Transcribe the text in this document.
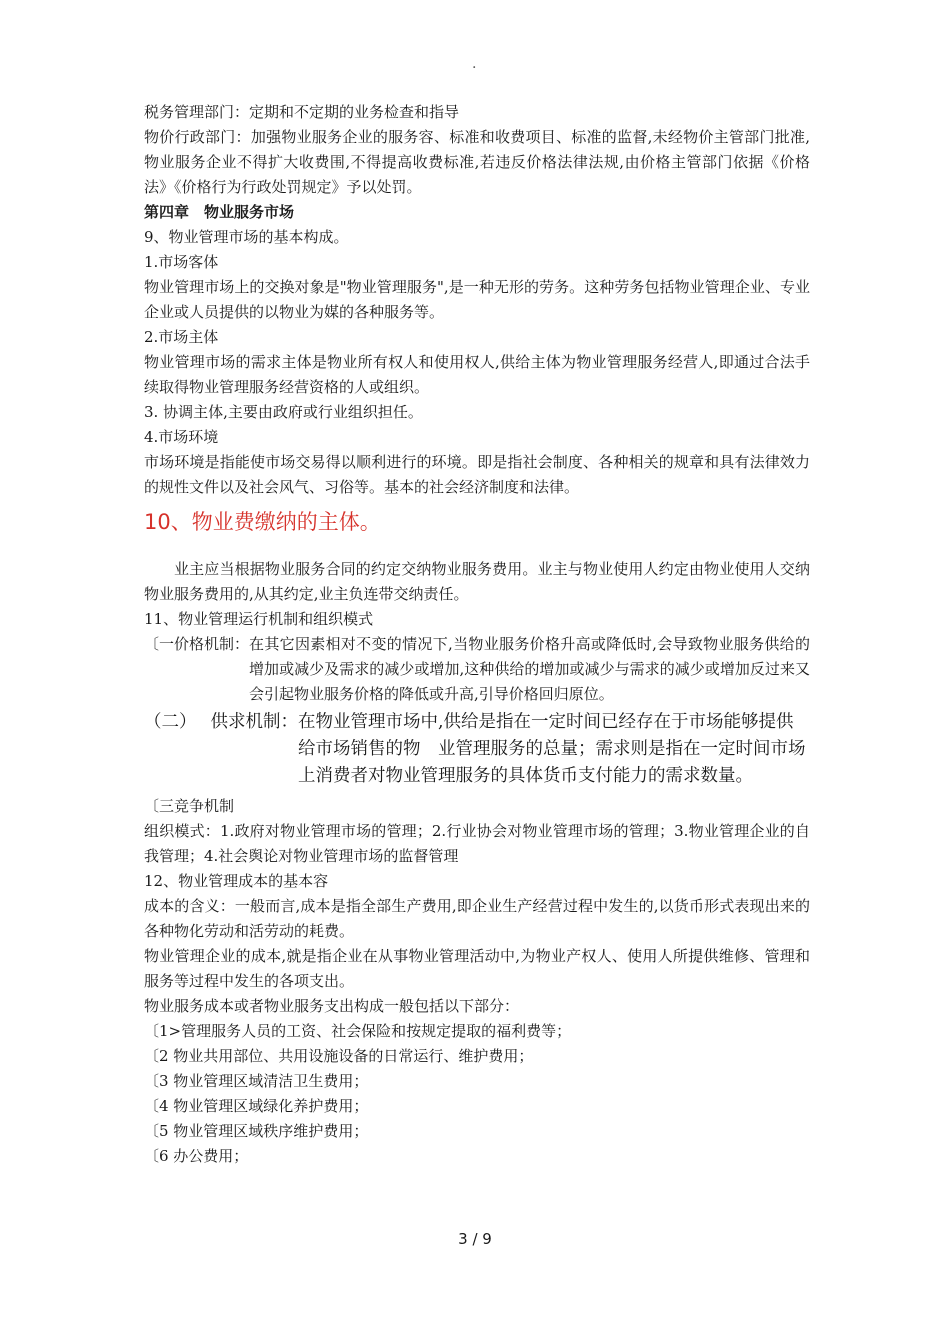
.

税务管理部门：定期和不定期的业务检查和指导

物价行政部门：加强物业服务企业的服务容、标准和收费项目、标准的监督,未经物价主管部门批准,物业服务企业不得扩大收费围,不得提高收费标准,若违反价格法律法规,由价格主管部门依据《价格法》《价格行为行政处罚规定》予以处罚。

第四章　物业服务市场

9、物业管理市场的基本构成。

1.市场客体

物业管理市场上的交换对象是"物业管理服务",是一种无形的劳务。这种劳务包括物业管理企业、专业企业或人员提供的以物业为媒的各种服务等。

2.市场主体

物业管理市场的需求主体是物业所有权人和使用权人,供给主体为物业管理服务经营人,即通过合法手续取得物业管理服务经营资格的人或组织。

3. 协调主体,主要由政府或行业组织担任。

4.市场环境

市场环境是指能使市场交易得以顺利进行的环境。即是指社会制度、各种相关的规章和具有法律效力的规性文件以及社会风气、习俗等。基本的社会经济制度和法律。

10、物业费缴纳的主体。

业主应当根据物业服务合同的约定交纳物业服务费用。业主与物业使用人约定由物业使用人交纳物业服务费用的,从其约定,业主负连带交纳责任。

11、物业管理运行机制和组织模式

〔一价格机制： 在其它因素相对不变的情况下,当物业服务价格升高或降低时,会导致物业服务供给的增加或减少及需求的减少或增加,这种供给的增加或减少与需求的减少或增加反过来又会引起物业服务价格的降低或升高,引导价格回归原位。
（二） 供求机制： 在物业管理市场中,供给是指在一定时间已经存在于市场能够提供给市场销售的物　业管理服务的总量；需求则是指在一定时间市场上消费者对物业管理服务的具体货币支付能力的需求数量。

〔三竞争机制

组织模式：1.政府对物业管理市场的管理；2.行业协会对物业管理市场的管理；3.物业管理企业的自我管理；4.社会舆论对物业管理市场的监督管理

12、物业管理成本的基本容

成本的含义：一般而言,成本是指全部生产费用,即企业生产经营过程中发生的,以货币形式表现出来的各种物化劳动和活劳动的耗费。

物业管理企业的成本,就是指企业在从事物业管理活动中,为物业产权人、使用人所提供维修、管理和服务等过程中发生的各项支出。

物业服务成本或者物业服务支出构成一般包括以下部分：

〔1>管理服务人员的工资、社会保险和按规定提取的福利费等；

〔2 物业共用部位、共用设施设备的日常运行、维护费用；

〔3 物业管理区域清洁卫生费用；

〔4 物业管理区域绿化养护费用；

〔5 物业管理区域秩序维护费用；

〔6 办公费用；

3 / 9
